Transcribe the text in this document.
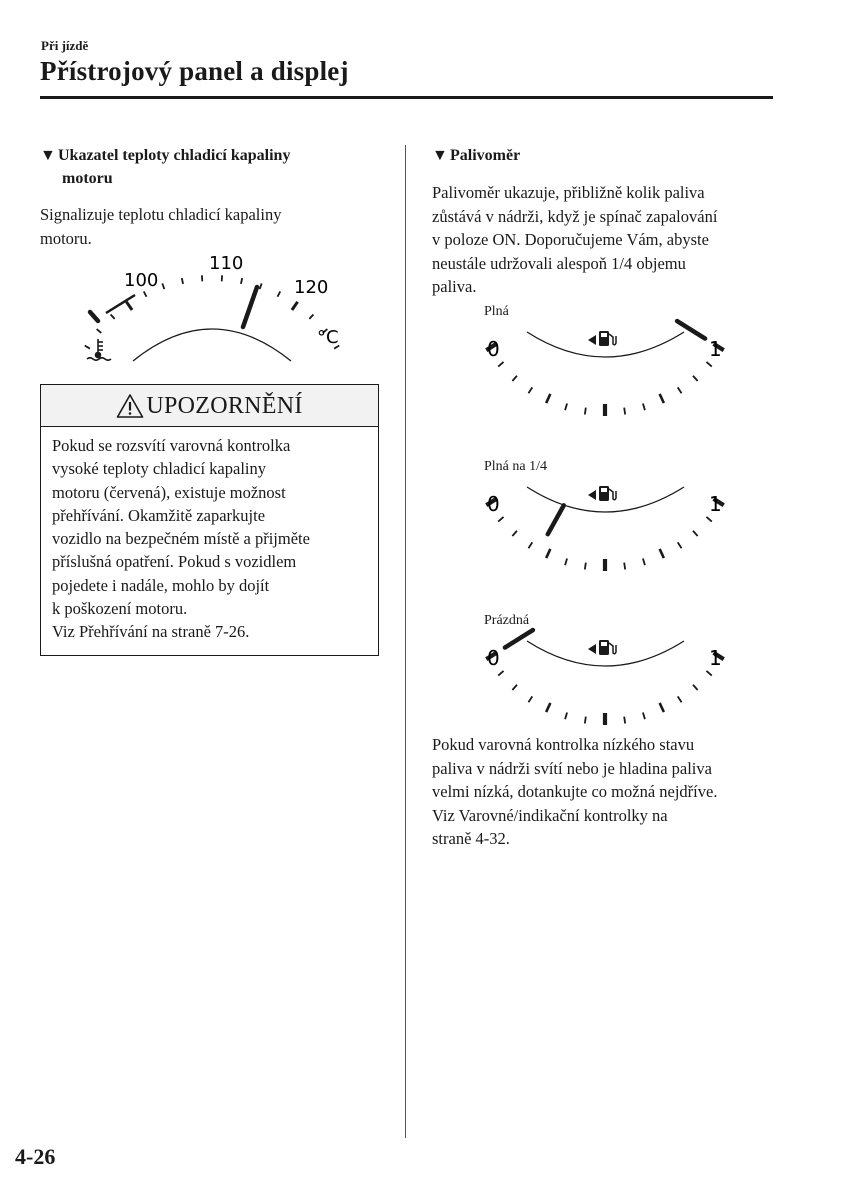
Při jízdě
Přístrojový panel a displej
▼ Ukazatel teploty chladicí kapaliny
motoru
Signalizuje teplotu chladicí kapaliny
motoru.
100
110
120
°C
UPOZORNĚNÍ
Pokud se rozsvítí varovná kontrolka
vysoké teploty chladicí kapaliny
motoru (červená), existuje možnost
přehřívání. Okamžitě zaparkujte
vozidlo na bezpečném místě a přijměte
příslušná opatření. Pokud s vozidlem
pojedete i nadále, mohlo by dojít
k poškození motoru.
Viz Přehřívání na straně 7-26.
▼ Palivoměr
Palivoměr ukazuje, přibližně kolik paliva
zůstává v nádrži, když je spínač zapalování
v poloze ON. Doporučujeme Vám, abyste
neustále udržovali alespoň 1/4 objemu
paliva.
Plná
0	1
Plná na 1/4
0	1
Prázdná
0	1
Pokud varovná kontrolka nízkého stavu
paliva v nádrži svítí nebo je hladina paliva
velmi nízká, dotankujte co možná nejdříve.
Viz Varovné/indikační kontrolky na
straně 4-32.
4-26
